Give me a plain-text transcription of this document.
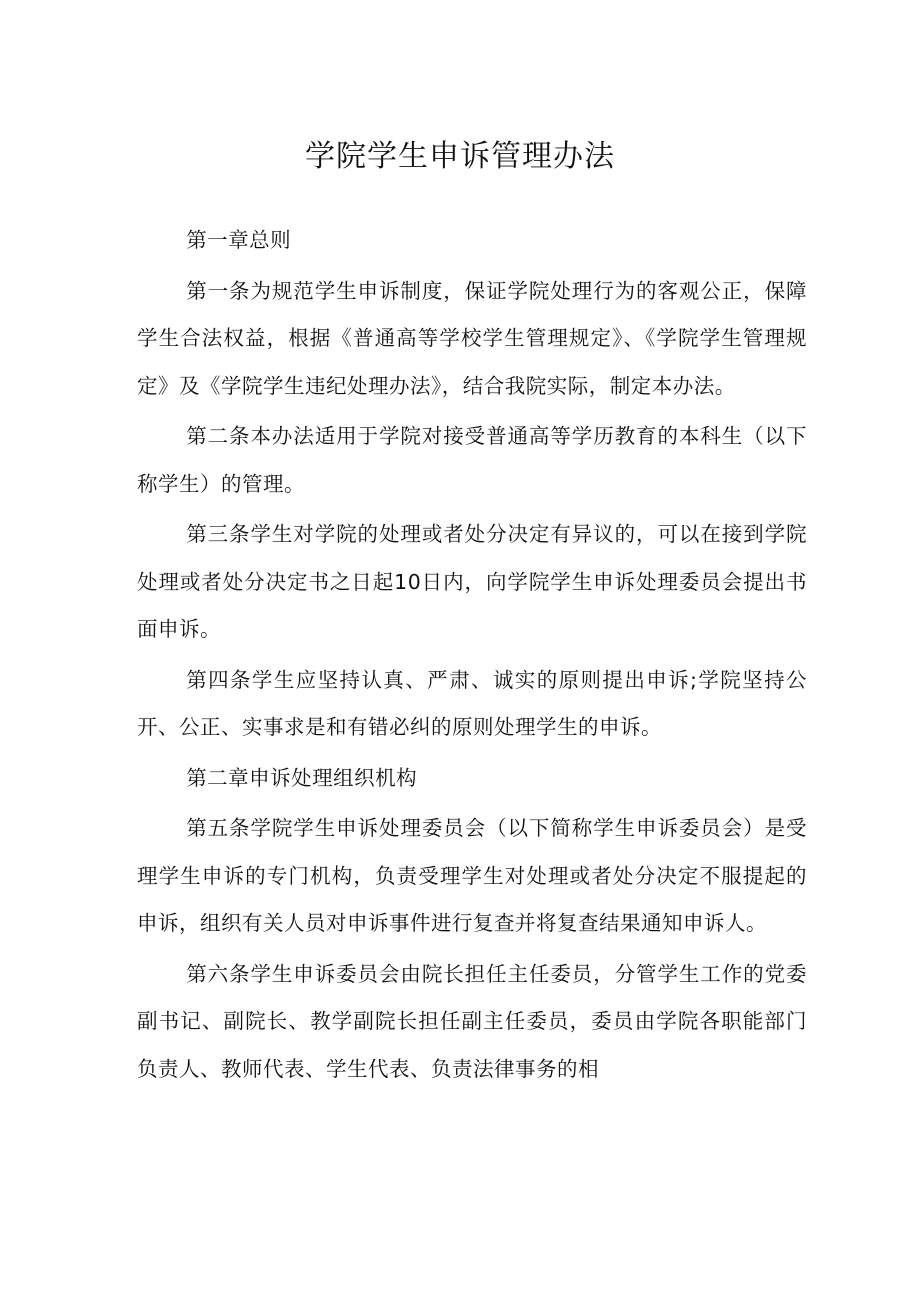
学院学生申诉管理办法

第一章总则

第一条为规范学生申诉制度，保证学院处理行为的客观公正，保障学生合法权益，根据《普通高等学校学生管理规定》、《学院学生管理规定》及《学院学生违纪处理办法》，结合我院实际，制定本办法。

第二条本办法适用于学院对接受普通高等学历教育的本科生（以下称学生）的管理。

第三条学生对学院的处理或者处分决定有异议的，可以在接到学院处理或者处分决定书之日起10日内，向学院学生申诉处理委员会提出书面申诉。

第四条学生应坚持认真、严肃、诚实的原则提出申诉;学院坚持公开、公正、实事求是和有错必纠的原则处理学生的申诉。

第二章申诉处理组织机构

第五条学院学生申诉处理委员会（以下简称学生申诉委员会）是受理学生申诉的专门机构，负责受理学生对处理或者处分决定不服提起的申诉，组织有关人员对申诉事件进行复查并将复查结果通知申诉人。

第六条学生申诉委员会由院长担任主任委员，分管学生工作的党委副书记、副院长、教学副院长担任副主任委员，委员由学院各职能部门负责人、教师代表、学生代表、负责法律事务的相
